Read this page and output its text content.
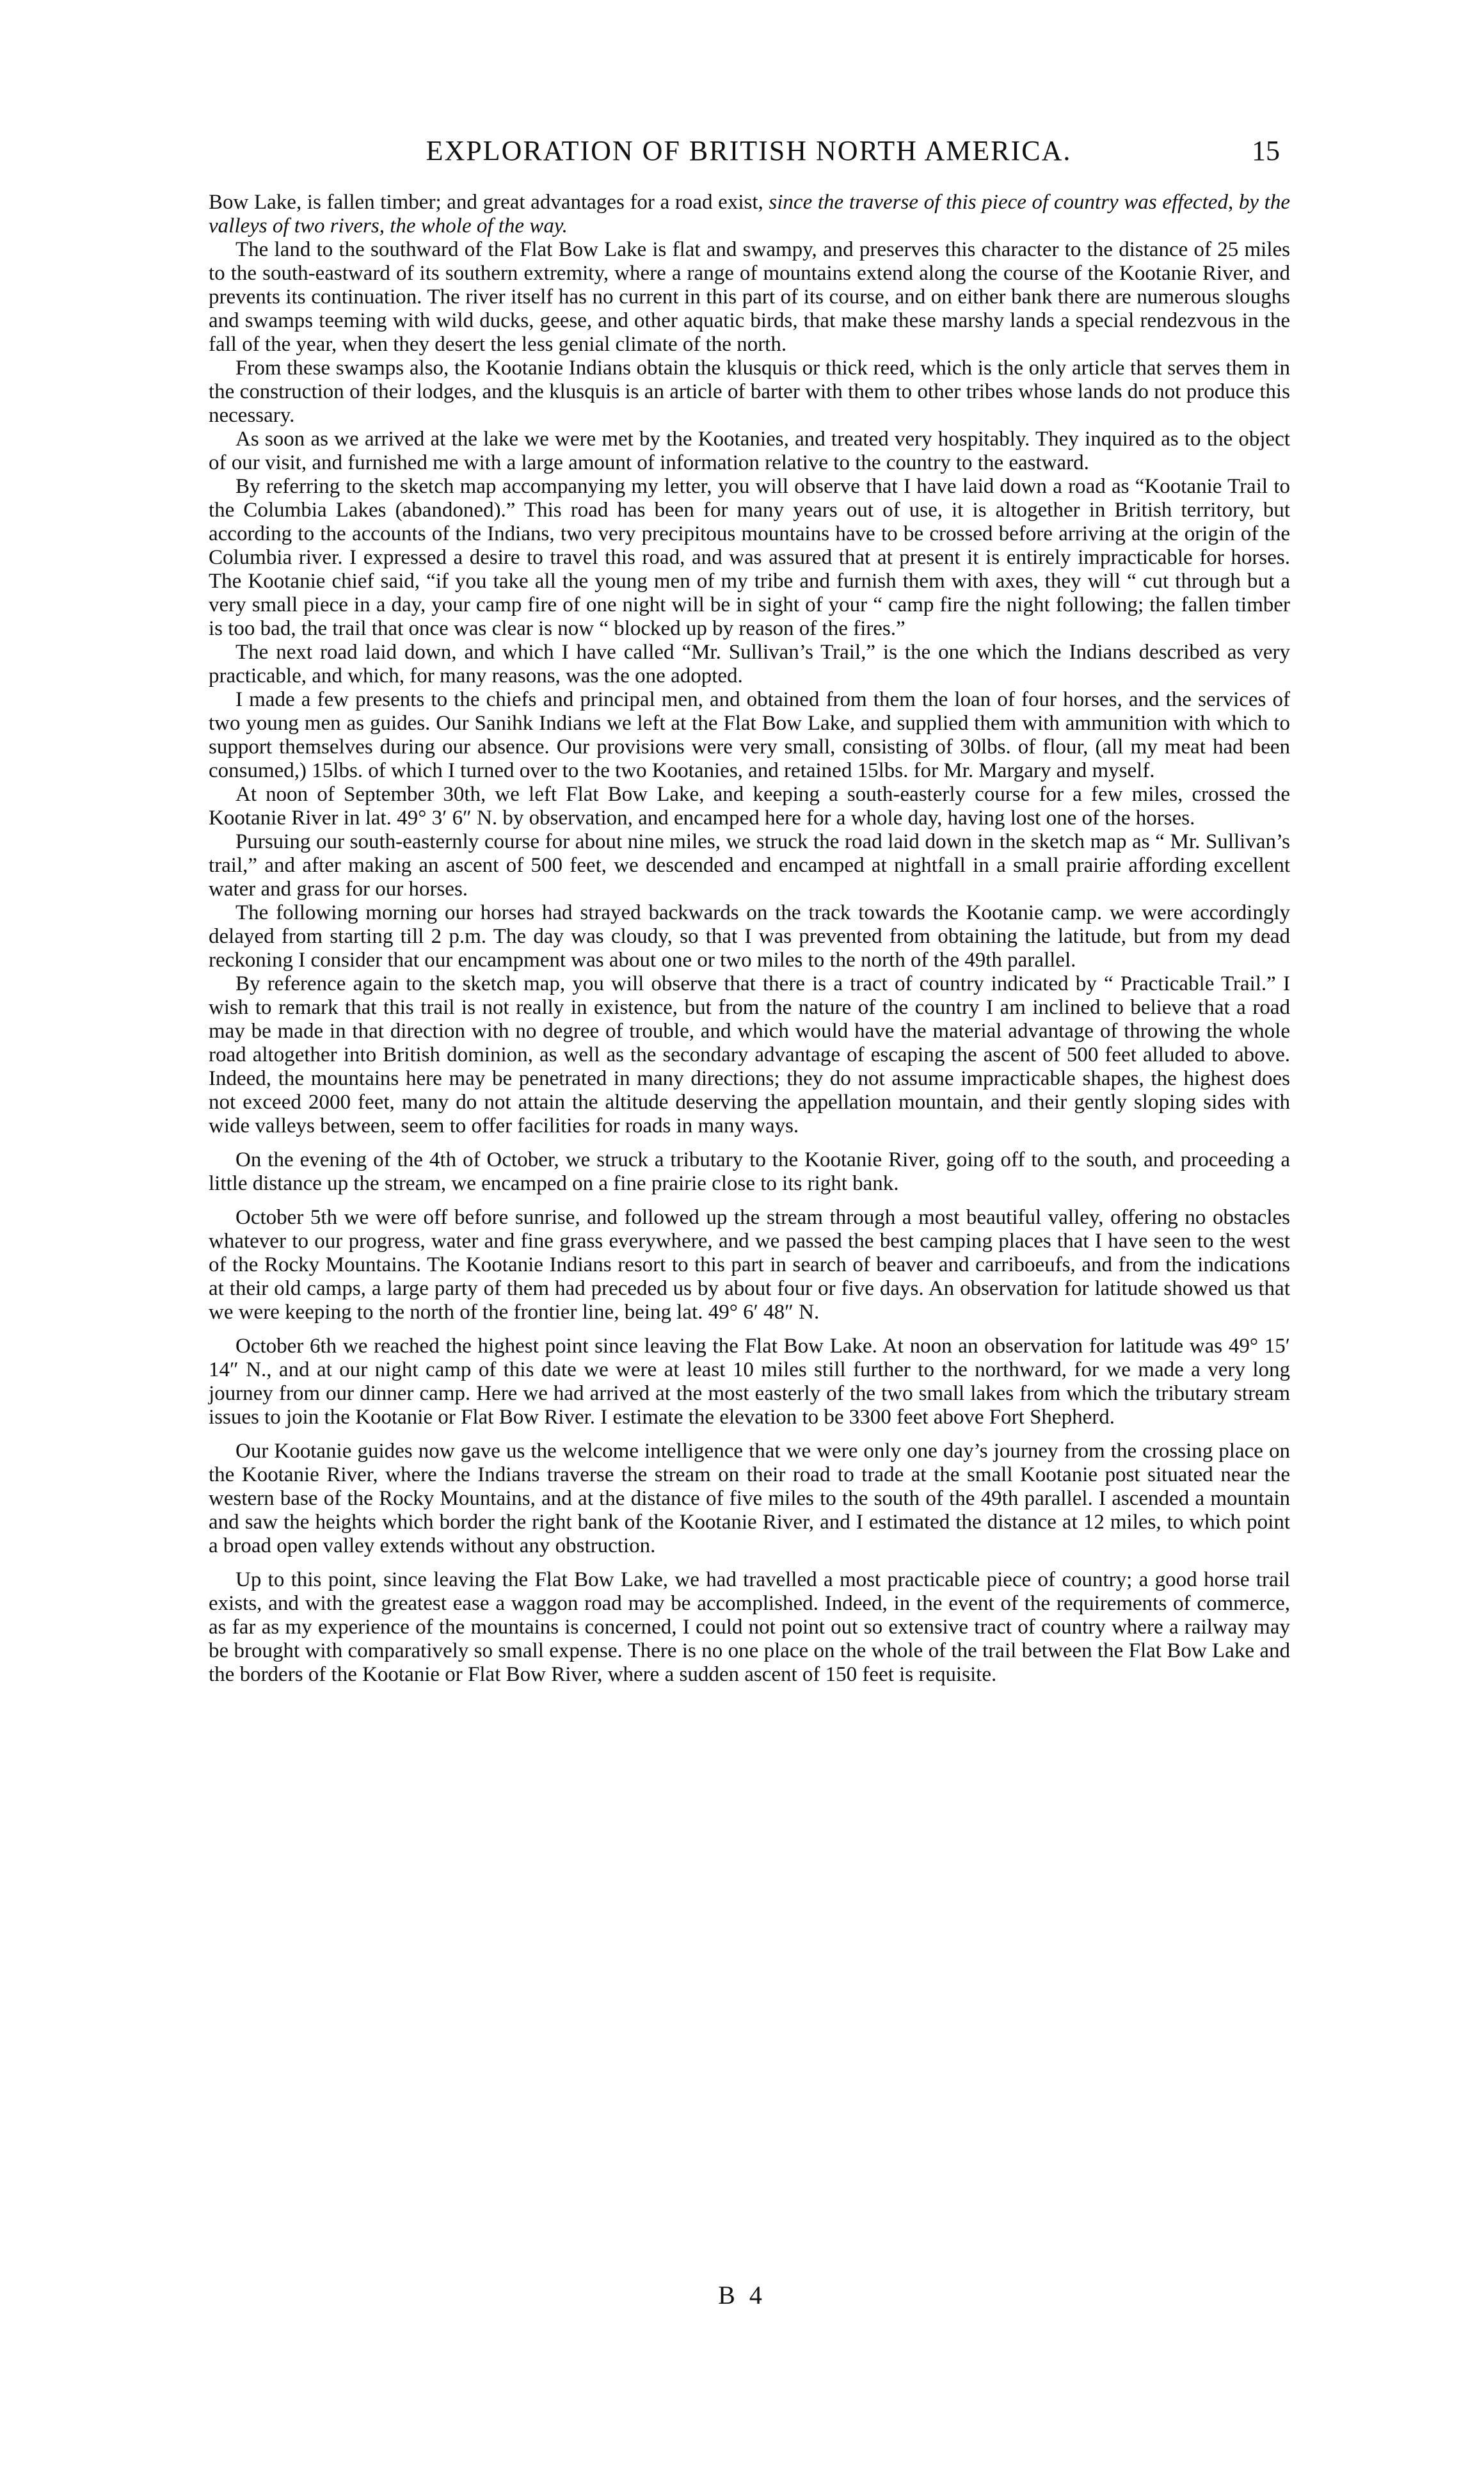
EXPLORATION OF BRITISH NORTH AMERICA.	15

Bow Lake, is fallen timber; and great advantages for a road exist, since the traverse of this piece of country was effected, by the valleys of two rivers, the whole of the way.

The land to the southward of the Flat Bow Lake is flat and swampy, and preserves this character to the distance of 25 miles to the south-eastward of its southern extremity, where a range of mountains extend along the course of the Kootanie River, and prevents its continuation. The river itself has no current in this part of its course, and on either bank there are numerous sloughs and swamps teeming with wild ducks, geese, and other aquatic birds, that make these marshy lands a special rendezvous in the fall of the year, when they desert the less genial climate of the north.

From these swamps also, the Kootanie Indians obtain the klusquis or thick reed, which is the only article that serves them in the construction of their lodges, and the klusquis is an article of barter with them to other tribes whose lands do not produce this necessary.

As soon as we arrived at the lake we were met by the Kootanies, and treated very hospitably. They inquired as to the object of our visit, and furnished me with a large amount of information relative to the country to the eastward.

By referring to the sketch map accompanying my letter, you will observe that I have laid down a road as “Kootanie Trail to the Columbia Lakes (abandoned).” This road has been for many years out of use, it is altogether in British territory, but according to the accounts of the Indians, two very precipitous mountains have to be crossed before arriving at the origin of the Columbia river. I expressed a desire to travel this road, and was assured that at present it is entirely impracticable for horses. The Kootanie chief said, “if you take all the young men of my tribe and furnish them with axes, they will “ cut through but a very small piece in a day, your camp fire of one night will be in sight of your “ camp fire the night following; the fallen timber is too bad, the trail that once was clear is now “ blocked up by reason of the fires.”

The next road laid down, and which I have called “Mr. Sullivan’s Trail,” is the one which the Indians described as very practicable, and which, for many reasons, was the one adopted.

I made a few presents to the chiefs and principal men, and obtained from them the loan of four horses, and the services of two young men as guides. Our Sanihk Indians we left at the Flat Bow Lake, and supplied them with ammunition with which to support themselves during our absence. Our provisions were very small, consisting of 30lbs. of flour, (all my meat had been consumed,) 15lbs. of which I turned over to the two Kootanies, and retained 15lbs. for Mr. Margary and myself.

At noon of September 30th, we left Flat Bow Lake, and keeping a south-easterly course for a few miles, crossed the Kootanie River in lat. 49° 3′ 6″ N. by observation, and encamped here for a whole day, having lost one of the horses.

Pursuing our south-easternly course for about nine miles, we struck the road laid down in the sketch map as “ Mr. Sullivan’s trail,” and after making an ascent of 500 feet, we descended and encamped at nightfall in a small prairie affording excellent water and grass for our horses.

The following morning our horses had strayed backwards on the track towards the Kootanie camp. we were accordingly delayed from starting till 2 p.m. The day was cloudy, so that I was prevented from obtaining the latitude, but from my dead reckoning I consider that our encampment was about one or two miles to the north of the 49th parallel.

By reference again to the sketch map, you will observe that there is a tract of country indicated by “ Practicable Trail.” I wish to remark that this trail is not really in existence, but from the nature of the country I am inclined to believe that a road may be made in that direction with no degree of trouble, and which would have the material advantage of throwing the whole road altogether into British dominion, as well as the secondary advantage of escaping the ascent of 500 feet alluded to above. Indeed, the mountains here may be penetrated in many directions; they do not assume impracticable shapes, the highest does not exceed 2000 feet, many do not attain the altitude deserving the appellation mountain, and their gently sloping sides with wide valleys between, seem to offer facilities for roads in many ways.

On the evening of the 4th of October, we struck a tributary to the Kootanie River, going off to the south, and proceeding a little distance up the stream, we encamped on a fine prairie close to its right bank.

October 5th we were off before sunrise, and followed up the stream through a most beautiful valley, offering no obstacles whatever to our progress, water and fine grass everywhere, and we passed the best camping places that I have seen to the west of the Rocky Mountains. The Kootanie Indians resort to this part in search of beaver and carriboeufs, and from the indications at their old camps, a large party of them had preceded us by about four or five days. An observation for latitude showed us that we were keeping to the north of the frontier line, being lat. 49° 6′ 48″ N.

October 6th we reached the highest point since leaving the Flat Bow Lake. At noon an observation for latitude was 49° 15′ 14″ N., and at our night camp of this date we were at least 10 miles still further to the northward, for we made a very long journey from our dinner camp. Here we had arrived at the most easterly of the two small lakes from which the tributary stream issues to join the Kootanie or Flat Bow River. I estimate the elevation to be 3300 feet above Fort Shepherd.

Our Kootanie guides now gave us the welcome intelligence that we were only one day’s journey from the crossing place on the Kootanie River, where the Indians traverse the stream on their road to trade at the small Kootanie post situated near the western base of the Rocky Mountains, and at the distance of five miles to the south of the 49th parallel. I ascended a mountain and saw the heights which border the right bank of the Kootanie River, and I estimated the distance at 12 miles, to which point a broad open valley extends without any obstruction.

Up to this point, since leaving the Flat Bow Lake, we had travelled a most practicable piece of country; a good horse trail exists, and with the greatest ease a waggon road may be accomplished. Indeed, in the event of the requirements of commerce, as far as my experience of the mountains is concerned, I could not point out so extensive tract of country where a railway may be brought with comparatively so small expense. There is no one place on the whole of the trail between the Flat Bow Lake and the borders of the Kootanie or Flat Bow River, where a sudden ascent of 150 feet is requisite.

B 4
